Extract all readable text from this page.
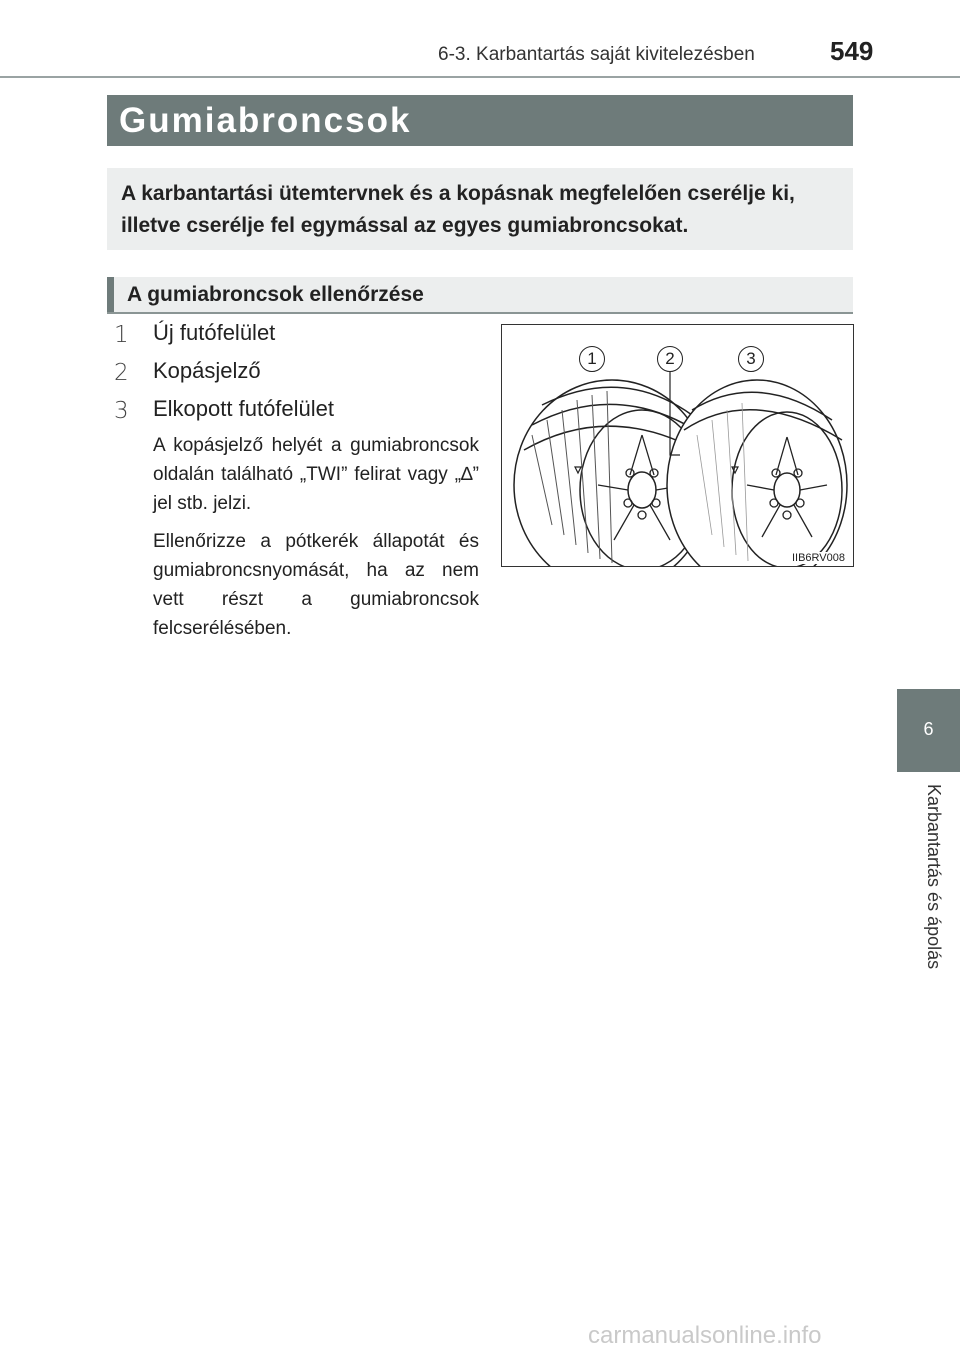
6-3. Karbantartás saját kivitelezésben	549
Gumiabroncsok
A karbantartási ütemtervnek és a kopásnak megfelelően cserélje ki, illetve cserélje fel egymással az egyes gumiabroncsokat.
A gumiabroncsok ellenőrzése
1	Új futófelület
2	Kopásjelző
3	Elkopott futófelület
A kopásjelző helyét a gumiabroncsok oldalán található „TWI” felirat vagy „∆” jel stb. jelzi.
Ellenőrizze a pótkerék állapotát és gumiabroncsnyomását, ha az nem vett részt a gumiabroncsok felcserélésében.
1	2	3
IIB6RV008
6
Karbantartás és ápolás
carmanualsonline.info
